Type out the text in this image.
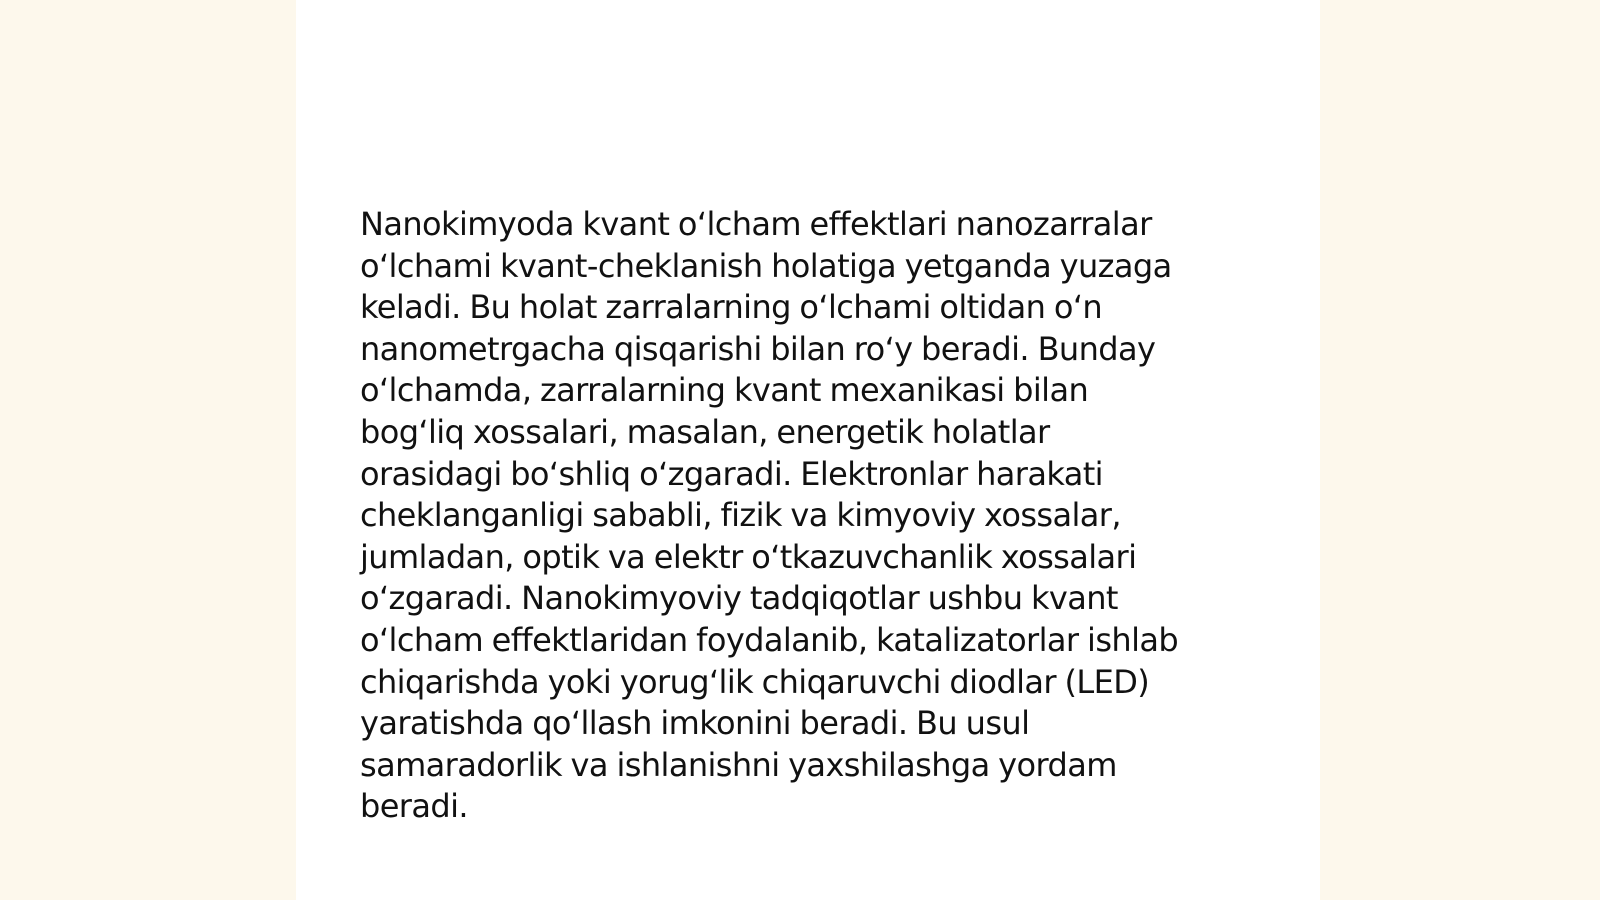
Nanokimyoda kvant oʻlcham effektlari nanozarralar
oʻlchami kvant-cheklanish holatiga yetganda yuzaga
keladi. Bu holat zarralarning oʻlchami oltidan oʻn
nanometrgacha qisqarishi bilan roʻy beradi. Bunday
oʻlchamda, zarralarning kvant mexanikasi bilan
bogʻliq xossalari, masalan, energetik holatlar
orasidagi boʻshliq oʻzgaradi. Elektronlar harakati
cheklanganligi sababli, fizik va kimyoviy xossalar,
jumladan, optik va elektr oʻtkazuvchanlik xossalari
oʻzgaradi. Nanokimyoviy tadqiqotlar ushbu kvant
oʻlcham effektlaridan foydalanib, katalizatorlar ishlab
chiqarishda yoki yorugʻlik chiqaruvchi diodlar (LED)
yaratishda qoʻllash imkonini beradi. Bu usul
samaradorlik va ishlanishni yaxshilashga yordam
beradi.
